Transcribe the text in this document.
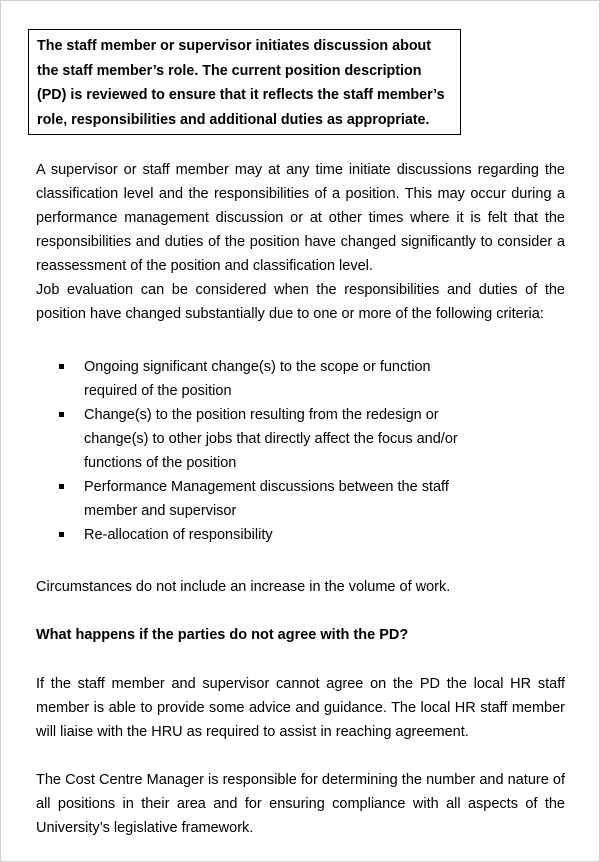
The staff member or supervisor initiates discussion about the staff member’s role. The current position description (PD) is reviewed to ensure that it reflects the staff member’s role, responsibilities and additional duties as appropriate.

A supervisor or staff member may at any time initiate discussions regarding the classification level and the responsibilities of a position. This may occur during a performance management discussion or at other times where it is felt that the responsibilities and duties of the position have changed significantly to consider a reassessment of the position and classification level.

Job evaluation can be considered when the responsibilities and duties of the position have changed substantially due to one or more of the following criteria:

Ongoing significant change(s) to the scope or function required of the position
Change(s) to the position resulting from the redesign or change(s) to other jobs that directly affect the focus and/or functions of the position
Performance Management discussions between the staff member and supervisor
Re-allocation of responsibility

Circumstances do not include an increase in the volume of work.

What happens if the parties do not agree with the PD?

If the staff member and supervisor cannot agree on the PD the local HR staff member is able to provide some advice and guidance. The local HR staff member will liaise with the HRU as required to assist in reaching agreement.

The Cost Centre Manager is responsible for determining the number and nature of all positions in their area and for ensuring compliance with all aspects of the University’s legislative framework.
